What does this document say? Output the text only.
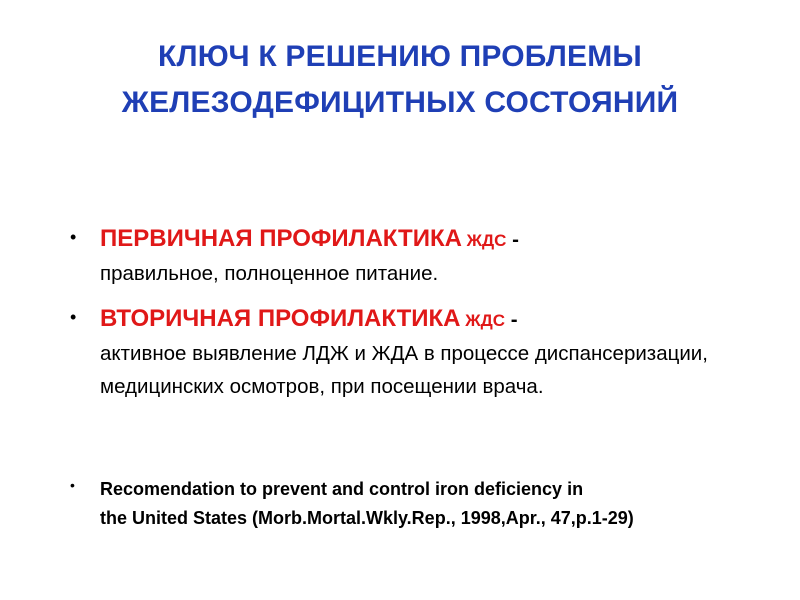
КЛЮЧ К РЕШЕНИЮ ПРОБЛЕМЫ
ЖЕЛЕЗОДЕФИЦИТНЫХ СОСТОЯНИЙ
• ПЕРВИЧНАЯ ПРОФИЛАКТИКА ЖДС -
правильное, полноценное питание.
• ВТОРИЧНАЯ ПРОФИЛАКТИКА ЖДС -
активное выявление ЛДЖ и ЖДА в процессе диспансеризации, медицинских осмотров, при посещении врача.
• Recomendation to prevent and control iron deficiency in
the United States (Morb.Mortal.Wkly.Rep., 1998,Apr., 47,p.1-29)
